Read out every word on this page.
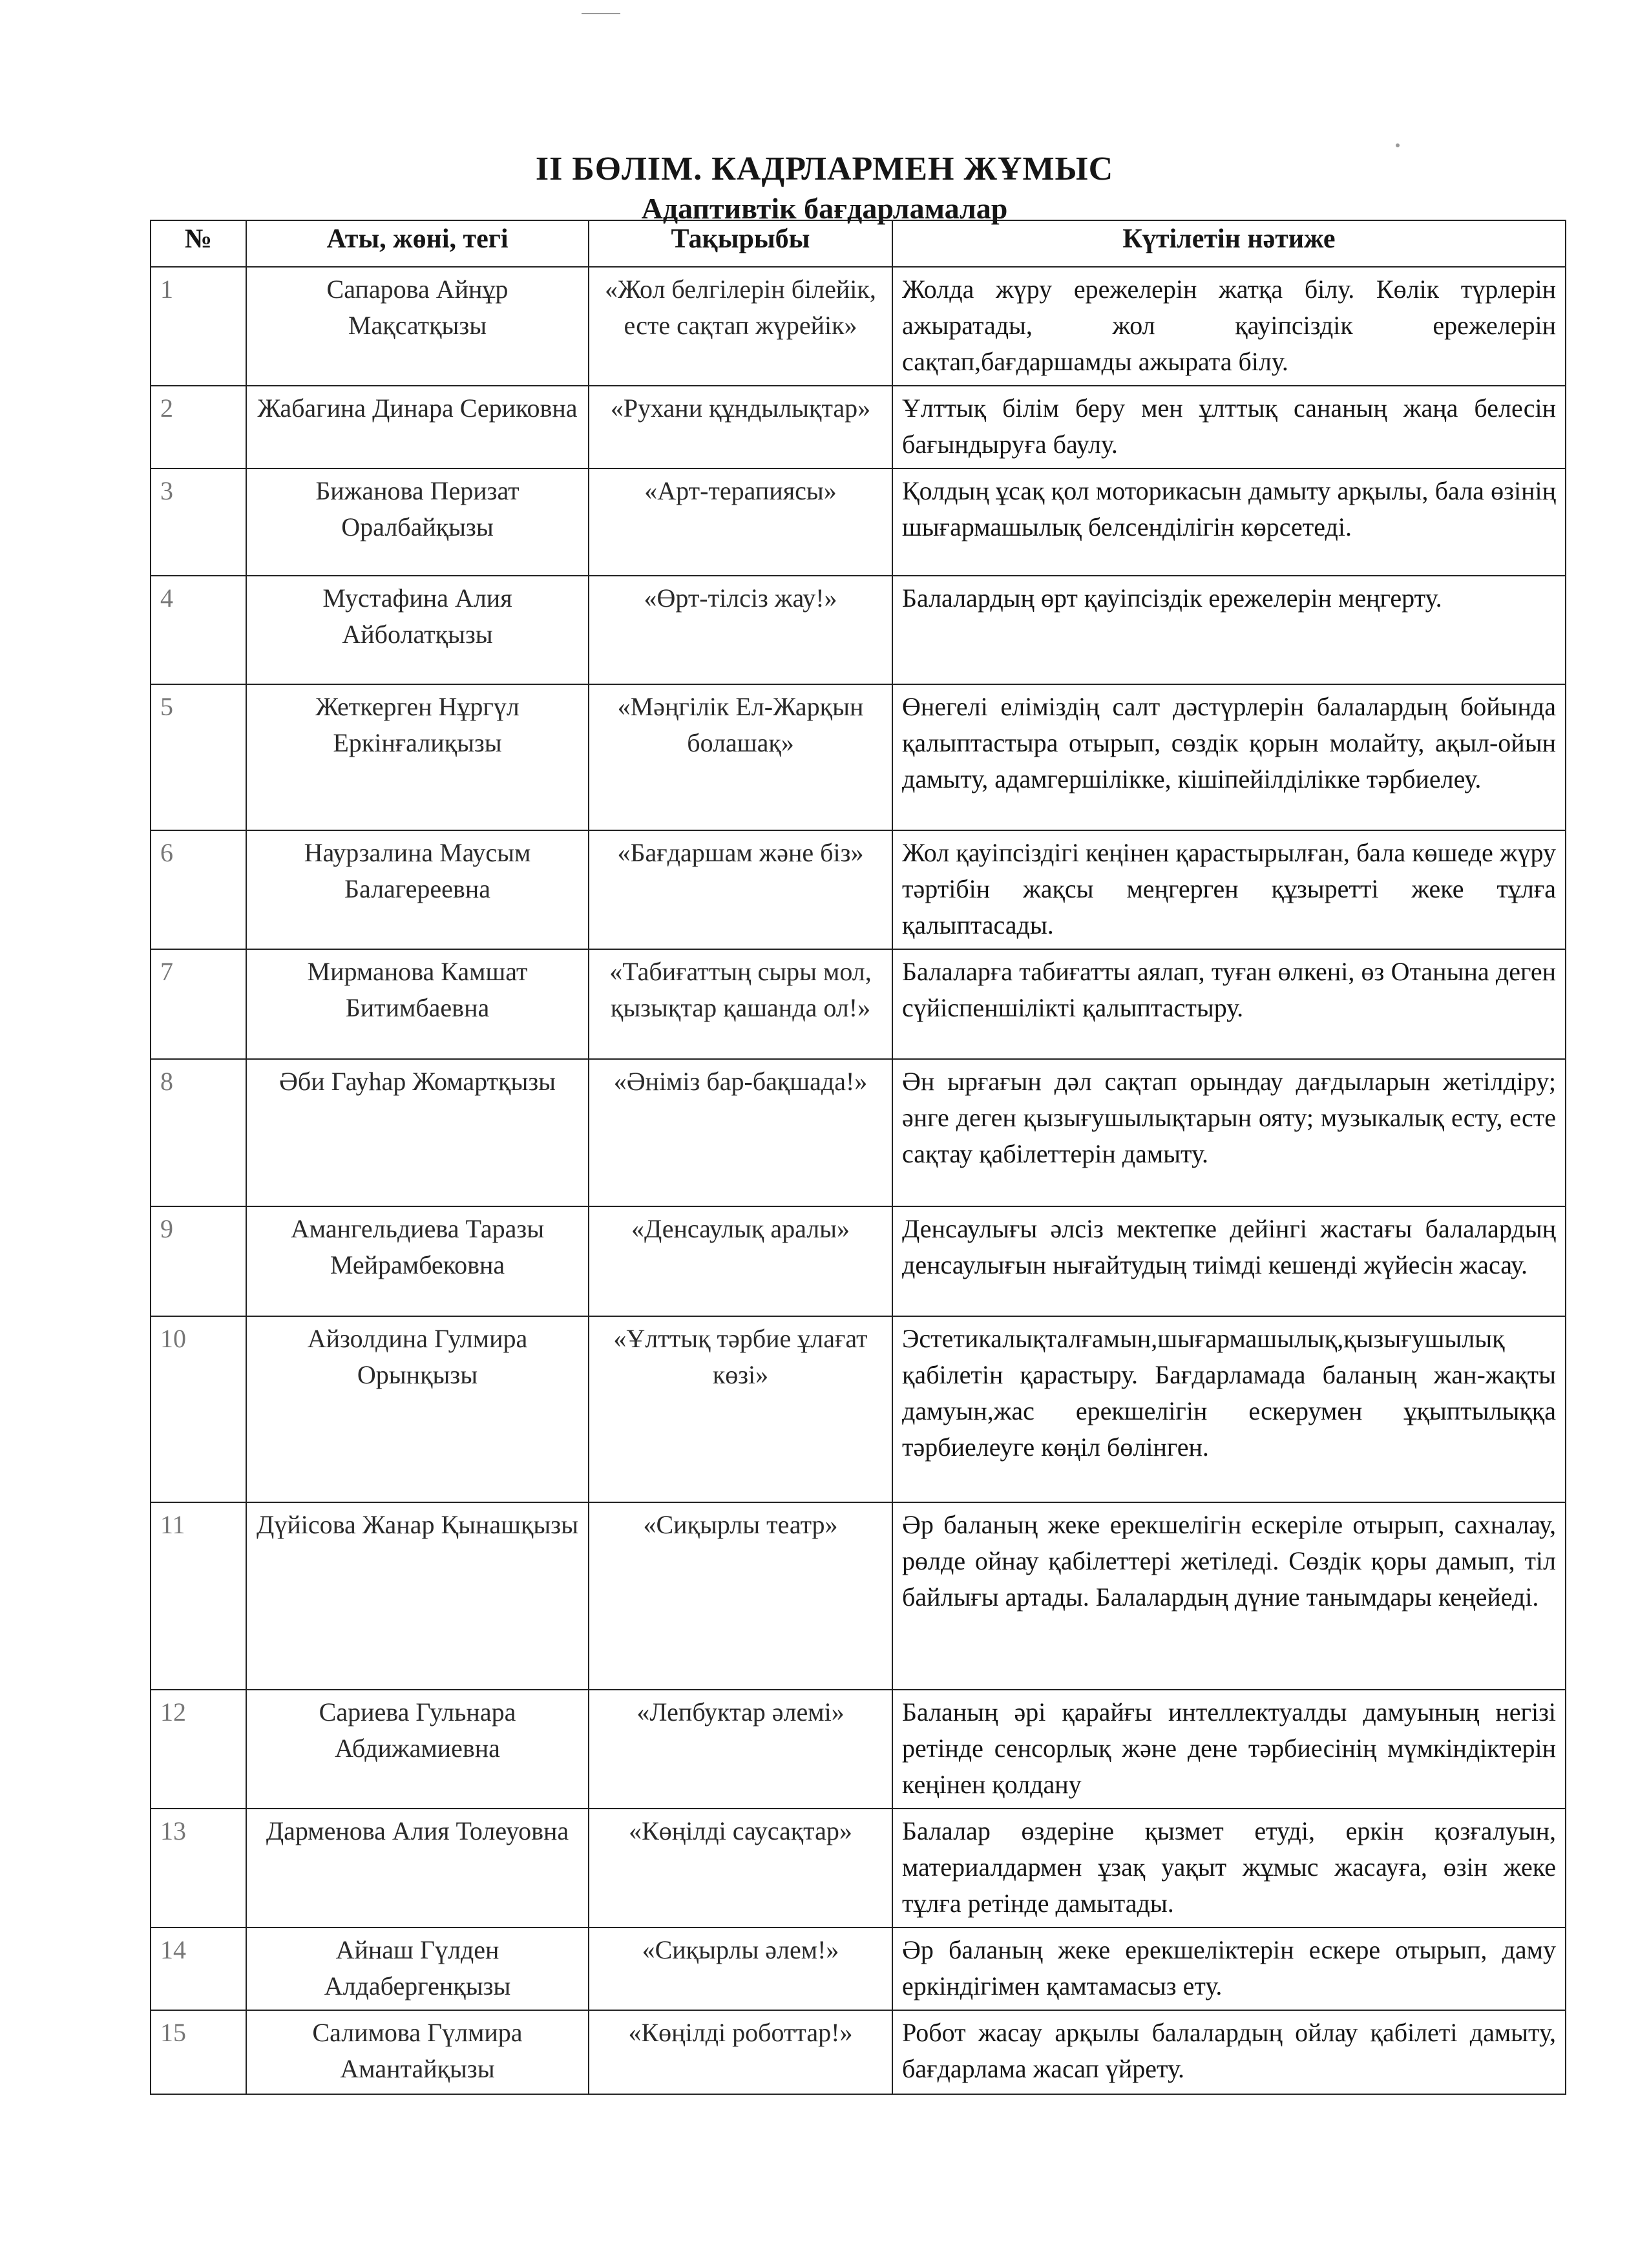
II БӨЛІМ. КАДРЛАРМЕН ЖҰМЫС
Адаптивтік бағдарламалар
№	Аты, жөні, тегі	Тақырыбы	Күтілетін нәтиже
1	Сапарова Айнұр Мақсатқызы	«Жол белгілерін білейік, есте сақтап жүрейік»	Жолда жүру ережелерін жатқа білу. Көлік түрлерін ажыратады, жол қауіпсіздік ережелерін сақтап,бағдаршамды ажырата білу.
2	Жабагина Динара Сериковна	«Рухани құндылықтар»	Ұлттық білім беру мен ұлттық сананың жаңа белесін бағындыруға баулу.
3	Бижанова Перизат Оралбайқызы	«Арт-терапиясы»	Қолдың ұсақ қол моторикасын дамыту арқылы, бала өзінің шығармашылық белсенділігін көрсетеді.
4	Мустафина Алия Айболатқызы	«Өрт-тілсіз жау!»	Балалардың өрт қауіпсіздік ережелерін меңгерту.
5	Жеткерген Нұргүл Еркінғалиқызы	«Мәңгілік Ел-Жарқын болашақ»	Өнегелі еліміздің салт дәстүрлерін балалардың бойында қалыптастыра отырып, сөздік қорын молайту, ақыл-ойын дамыту, адамгершілікке, кішіпейілділікке тәрбиелеу.
6	Наурзалина Маусым Балагереевна	«Бағдаршам және біз»	Жол қауіпсіздігі кеңінен қарастырылған, бала көшеде жүру тәртібін жақсы меңгерген құзыретті жеке тұлға қалыптасады.
7	Мирманова Камшат Битимбаевна	«Табиғаттың сыры мол, қызықтар қашанда ол!»	Балаларға табиғатты аялап, туған өлкені, өз Отанына деген сүйіспеншілікті қалыптастыру.
8	Әби Гауһар Жомартқызы	«Әніміз бар-бақшада!»	Ән ырғағын дәл сақтап орындау дағдыларын жетілдіру; әнге деген қызығушылықтарын ояту; музыкалық есту, есте сақтау қабілеттерін дамыту.
9	Амангельдиева Таразы Мейрамбековна	«Денсаулық аралы»	Денсаулығы әлсіз мектепке дейінгі жастағы балалардың денсаулығын нығайтудың тиімді кешенді жүйесін жасау.
10	Айзолдина Гулмира Орынқызы	«Ұлттық тәрбие ұлағат көзі»	Эстетикалықталғамын,шығармашылық,қызығушылық қабілетін қарастыру. Бағдарламада баланың жан-жақты дамуын,жас ерекшелігін ескерумен ұқыптылыққа тәрбиелеуге көңіл бөлінген.
11	Дүйісова Жанар Қынашқызы	«Сиқырлы театр»	Әр баланың жеке ерекшелігін ескеріле отырып, сахналау, рөлде ойнау қабілеттері жетіледі. Сөздік қоры дамып, тіл байлығы артады. Балалардың дүние танымдары кеңейеді.
12	Сариева Гульнара Абдижамиевна	«Лепбуктар әлемі»	Баланың әрі қарайғы интеллектуалды дамуының негізі ретінде сенсорлық және дене тәрбиесінің мүмкіндіктерін кеңінен қолдану
13	Дарменова Алия Толеуовна	«Көңілді саусақтар»	Балалар өздеріне қызмет етуді, еркін қозғалуын, материалдармен ұзақ уақыт жұмыс жасауға, өзін жеке тұлға ретінде дамытады.
14	Айнаш Гүлден Алдабергенқызы	«Сиқырлы әлем!»	Әр баланың жеке ерекшеліктерін ескере отырып, даму еркіндігімен қамтамасыз ету.
15	Салимова Гүлмира Амантайқызы	«Көңілді роботтар!»	Робот жасау арқылы балалардың ойлау қабілеті дамыту, бағдарлама жасап үйрету.
